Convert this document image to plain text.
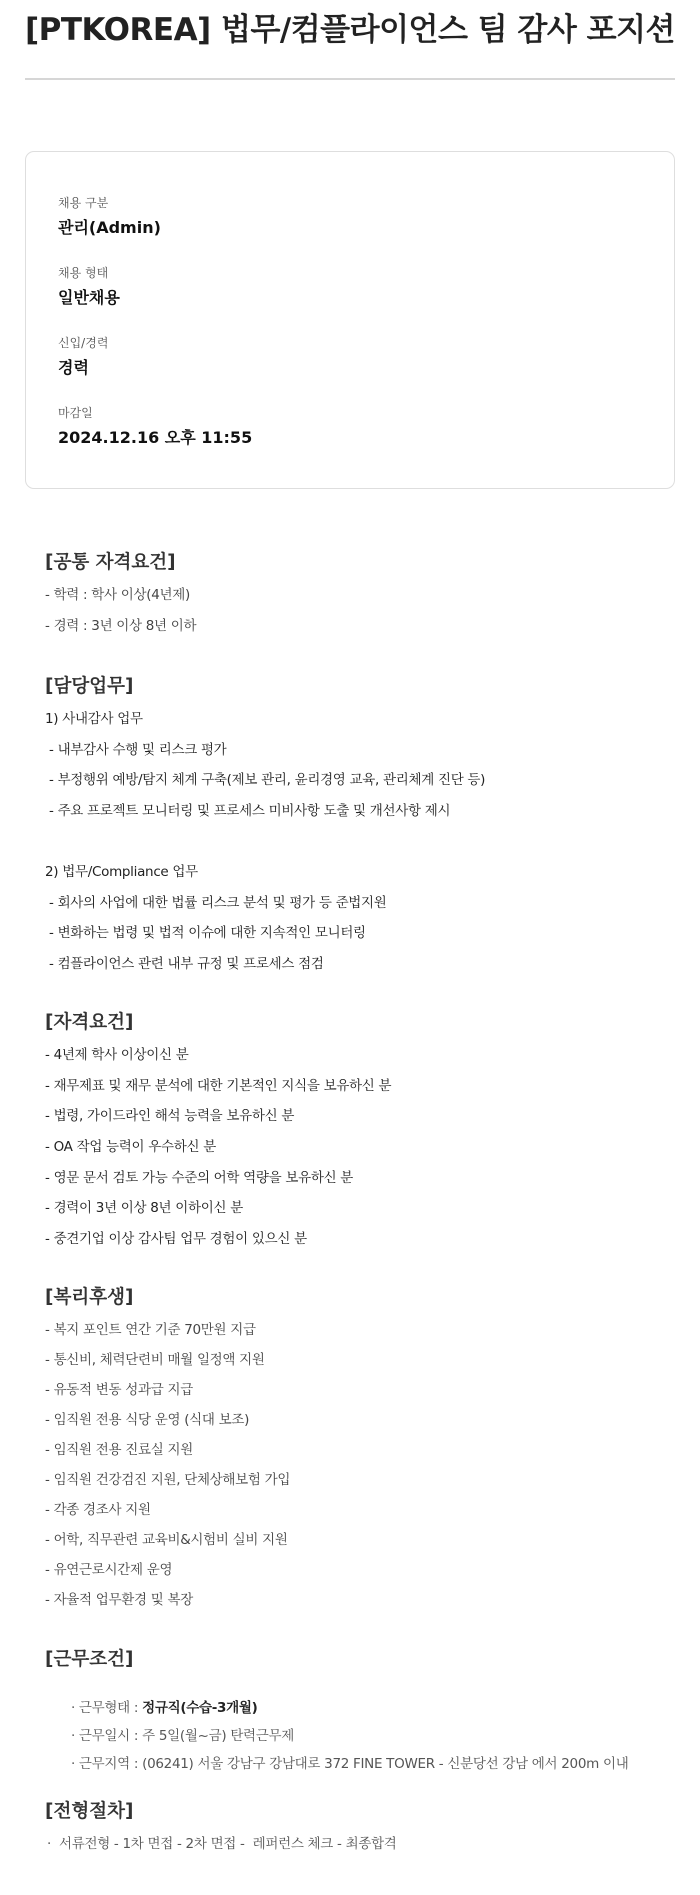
[PTKOREA] 법무/컴플라이언스 팀 감사 포지션
채용 구분
관리(Admin)
채용 형태
일반채용
신입/경력
경력
마감일
2024.12.16 오후 11:55
[공통 자격요건]
- 학력 : 학사 이상(4년제)
- 경력 : 3년 이상 8년 이하
[담당업무]
1) 사내감사 업무
- 내부감사 수행 및 리스크 평가
- 부정행위 예방/탐지 체계 구축(제보 관리, 윤리경영 교육, 관리체계 진단 등)
- 주요 프로젝트 모니터링 및 프로세스 미비사항 도출 및 개선사항 제시
2) 법무/Compliance 업무
- 회사의 사업에 대한 법률 리스크 분석 및 평가 등 준법지원
- 변화하는 법령 및 법적 이슈에 대한 지속적인 모니터링
- 컴플라이언스 관련 내부 규정 및 프로세스 점검
[자격요건]
- 4년제 학사 이상이신 분
- 재무제표 및 재무 분석에 대한 기본적인 지식을 보유하신 분
- 법령, 가이드라인 해석 능력을 보유하신 분
- OA 작업 능력이 우수하신 분
- 영문 문서 검토 가능 수준의 어학 역량을 보유하신 분
- 경력이 3년 이상 8년 이하이신 분
- 중견기업 이상 감사팀 업무 경험이 있으신 분
[복리후생]
- 복지 포인트 연간 기준 70만원 지급
- 통신비, 체력단련비 매월 일정액 지원
- 유동적 변동 성과급 지급
- 임직원 전용 식당 운영 (식대 보조)
- 임직원 전용 진료실 지원
- 임직원 건강검진 지원, 단체상해보험 가입
- 각종 경조사 지원
- 어학, 직무관련 교육비&시험비 실비 지원
- 유연근로시간제 운영
- 자율적 업무환경 및 복장
[근무조건]

· 근무형태 : 정규직(수습-3개월)

· 근무일시 : 주 5일(월~금) 탄력근무제

· 근무지역 : (06241) 서울 강남구 강남대로 372 FINE TOWER - 신분당선 강남 에서 200m 이내

[전형절차]
·  서류전형 - 1차 면접 - 2차 면접 -  레퍼런스 체크 - 최종합격
